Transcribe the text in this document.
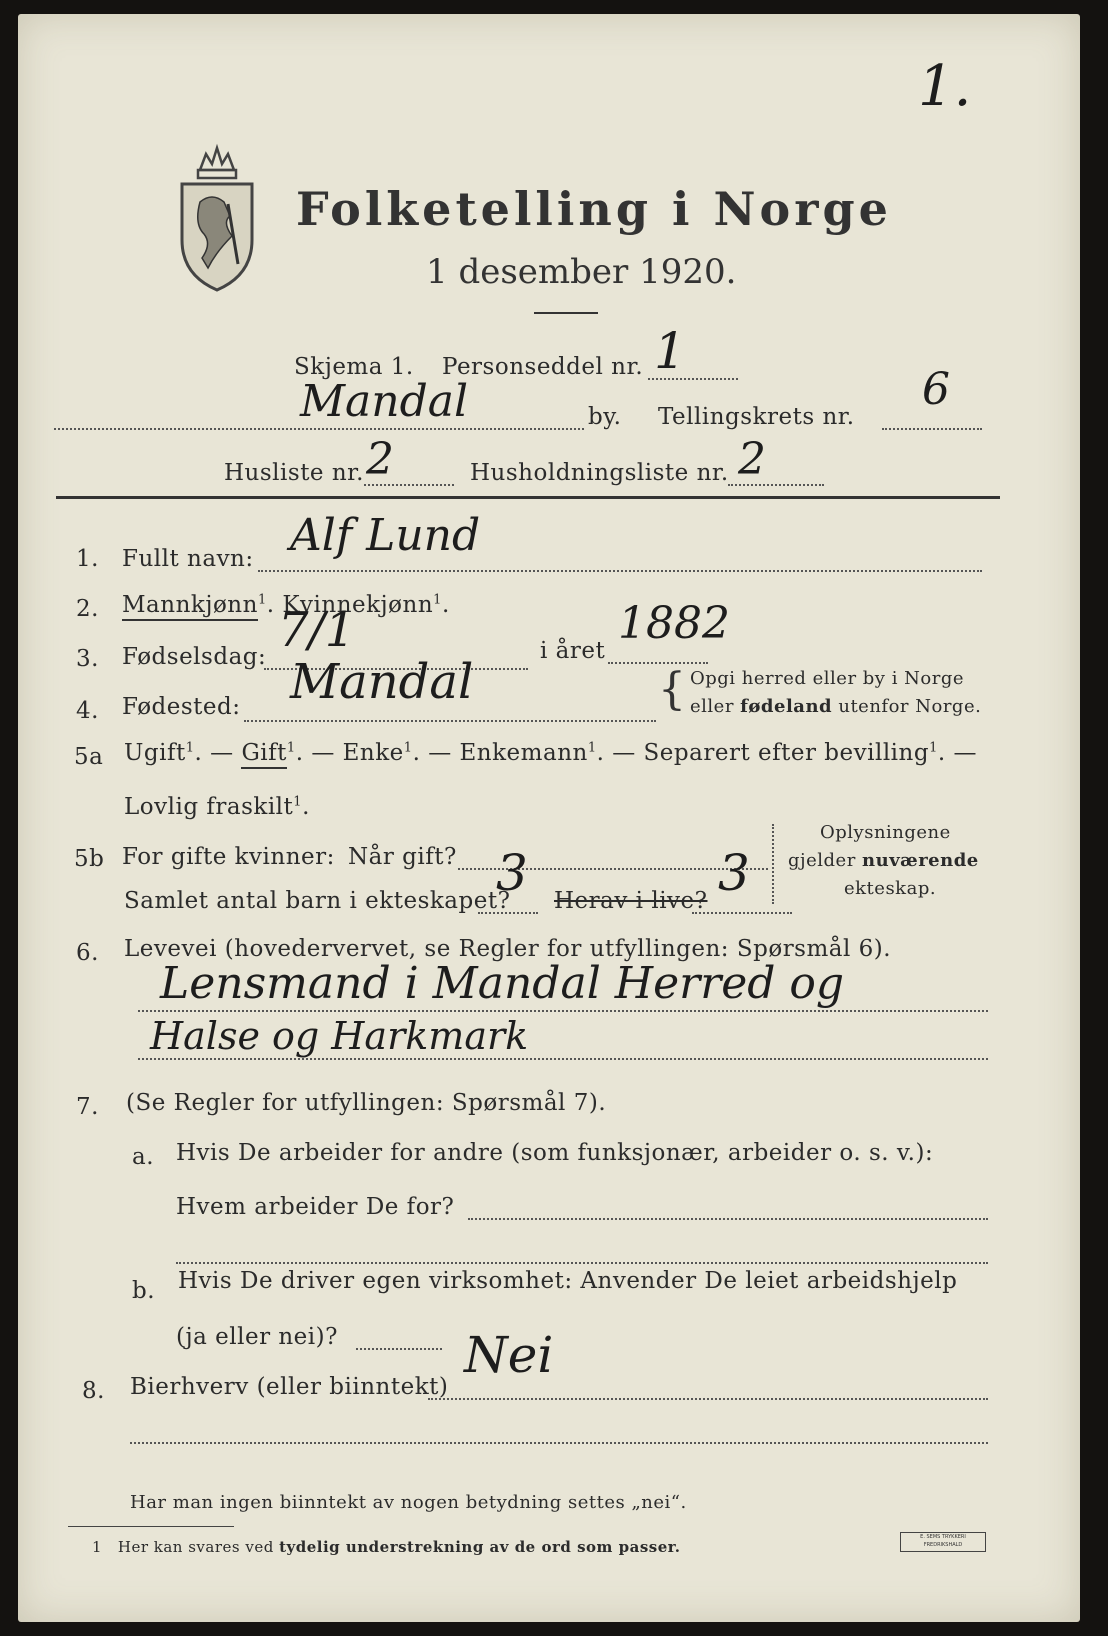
1.
Folketelling i Norge
1 desember 1920.
Skjema 1. Personseddel nr. 1
Mandal	by. Tellingskrets nr.
6
Husliste nr. 2	Husholdningsliste nr. 2
1. Fullt navn: Alf Lund
2. Mannkjønn$^1$. Kvinnekjønn$^1$.
3. Fødselsdag: 7/1	i året
1882
4. Fødested: Mandal	{ Opgi herred eller by i Norge
eller fødeland utenfor Norge.
5a Ugift$^1$. — Gift$^1$. — Enke$^1$. — Enkemann$^1$. — Separert efter bevilling$^1$. —
Lovlig fraskilt$^1$.
5b For gifte kvinner: Når gift?
Samlet antal barn i ekteskapet?
3 Herav i live? 3
Oplysningene
gjelder nuværende
ekteskap.
6. Levevei (hovedervervet, se Regler for utfyllingen: Spørsmål 6).
Lensmand i Mandal Herred og
Halse og Harkmark
7. (Se Regler for utfyllingen: Spørsmål 7).
a. Hvis De arbeider for andre (som funksjonær, arbeider o. s. v.):
Hvem arbeider De for?
b. Hvis De driver egen virksomhet: Anvender De leiet arbeidshjelp
(ja eller nei)?
8. Bierhverv (eller biinntekt)
Nei
Har man ingen biinntekt av nogen betydning settes „nei“.
1 Her kan svares ved tydelig understrekning av de ord som passer.
E. SEMS TRYKKERI
FREDRIKSHALD
